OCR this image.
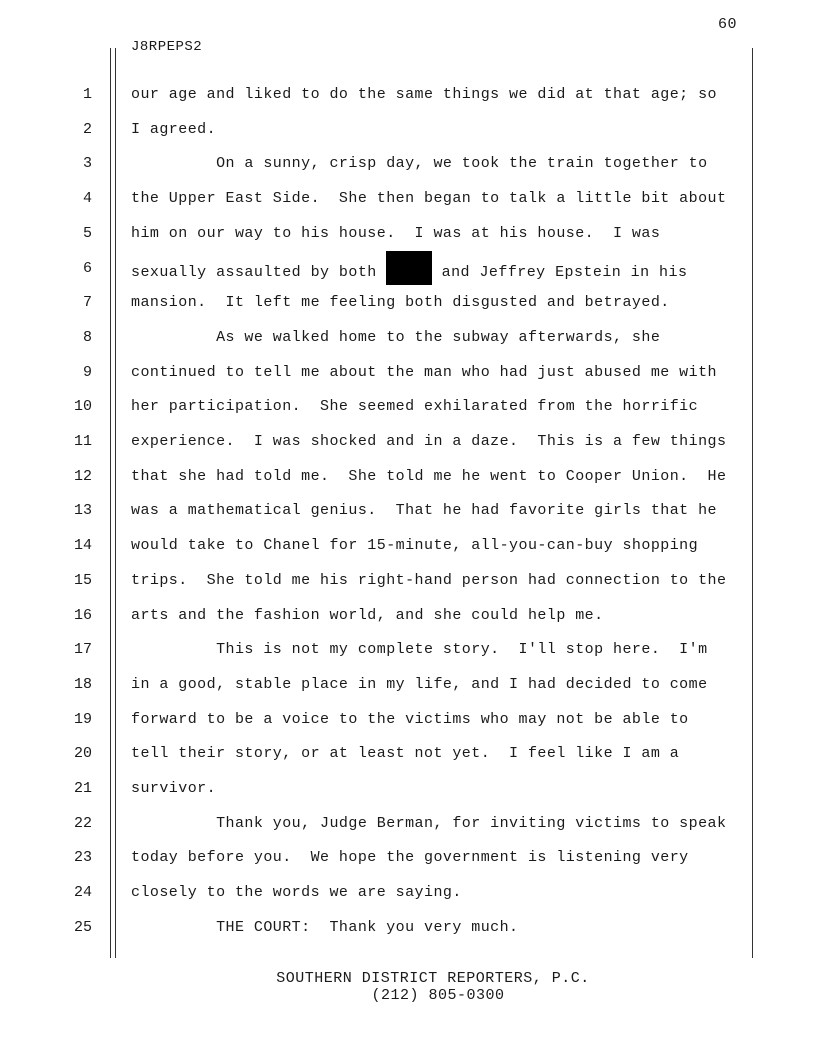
60
J8RPEPS2
1	our age and liked to do the same things we did at that age; so
2	I agreed.
3	On a sunny, crisp day, we took the train together to
4	the Upper East Side.  She then began to talk a little bit about
5	him on our way to his house.  I was at his house.  I was
6	sexually assaulted by both	and Jeffrey Epstein in his
7	mansion.  It left me feeling both disgusted and betrayed.
8	As we walked home to the subway afterwards, she
9	continued to tell me about the man who had just abused me with
10	her participation.  She seemed exhilarated from the horrific
11	experience.  I was shocked and in a daze.  This is a few things
12	that she had told me.  She told me he went to Cooper Union.  He
13	was a mathematical genius.  That he had favorite girls that he
14	would take to Chanel for 15-minute, all-you-can-buy shopping
15	trips.  She told me his right-hand person had connection to the
16	arts and the fashion world, and she could help me.
17	This is not my complete story.  I'll stop here.  I'm
18	in a good, stable place in my life, and I had decided to come
19	forward to be a voice to the victims who may not be able to
20	tell their story, or at least not yet.  I feel like I am a
21	survivor.
22	Thank you, Judge Berman, for inviting victims to speak
23	today before you.  We hope the government is listening very
24	closely to the words we are saying.
25	THE COURT:  Thank you very much.
SOUTHERN DISTRICT REPORTERS, P.C.
(212) 805-0300
